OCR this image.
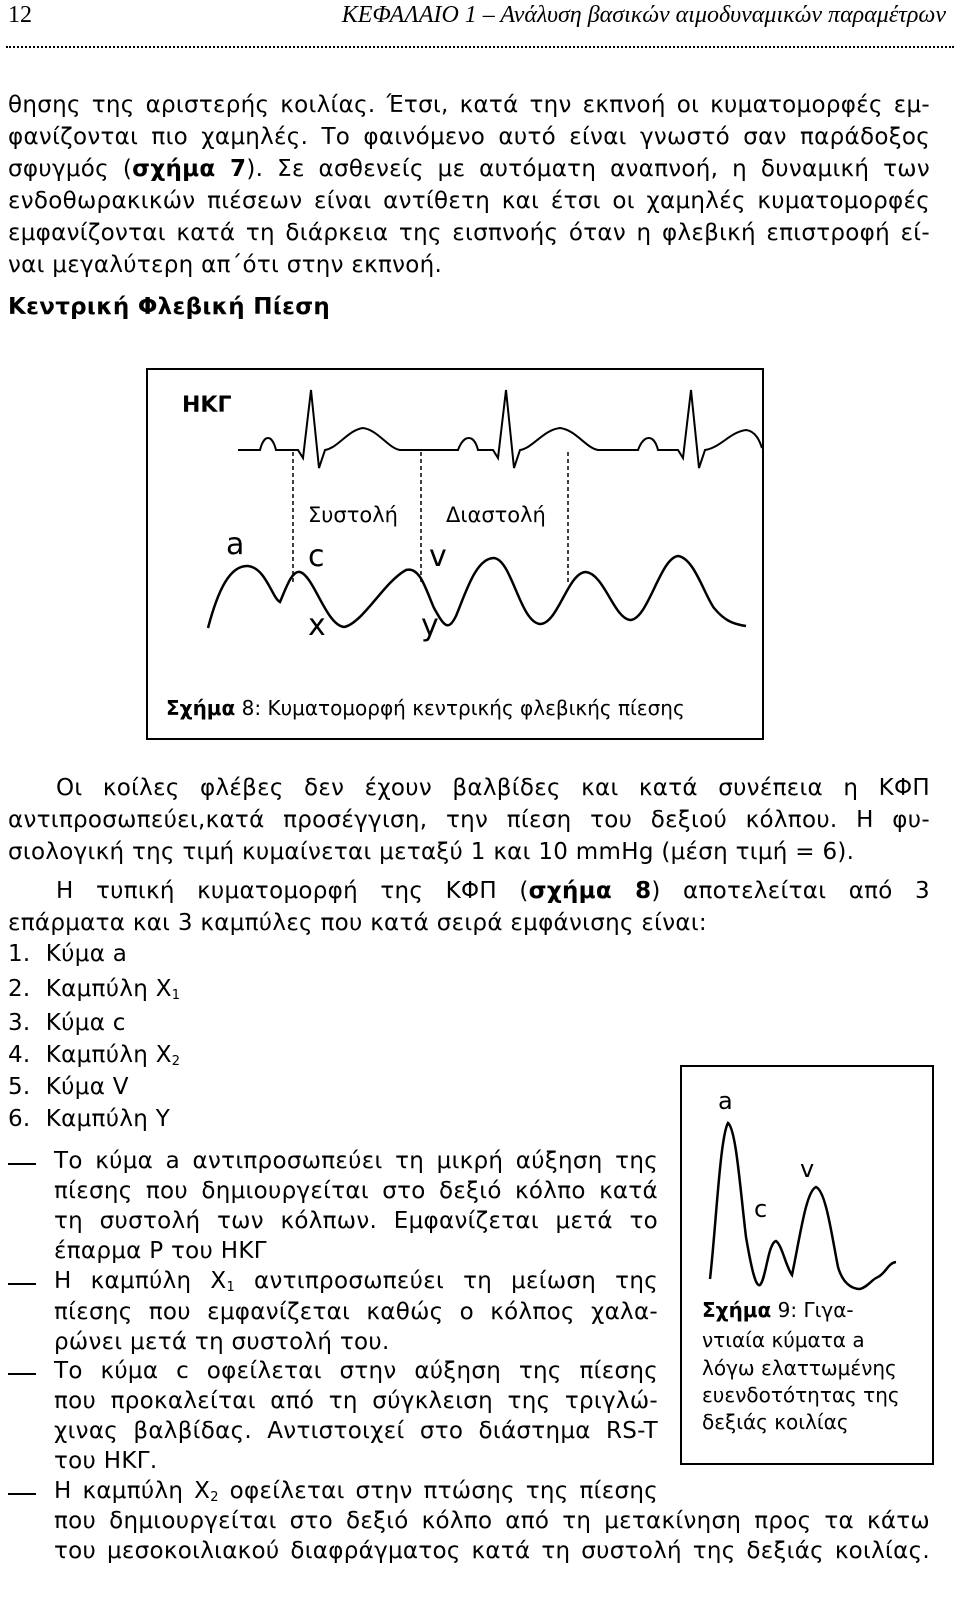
12	ΚΕΦΑΛΑΙΟ 1 – Ανάλυση βασικών αιμοδυναμικών παραμέτρων
θησης της αριστερής κοιλίας. Έτσι, κατά την εκπνοή οι κυματομορφές εμ-
φανίζονται πιο χαμηλές. Το φαινόμενο αυτό είναι γνωστό σαν παράδοξος
σφυγμός (σχήμα 7). Σε ασθενείς με αυτόματη αναπνοή, η δυναμική των
ενδοθωρακικών πιέσεων είναι αντίθετη και έτσι οι χαμηλές κυματομορφές
εμφανίζονται κατά τη διάρκεια της εισπνοής όταν η φλεβική επιστροφή εί-
ναι μεγαλύτερη απ΄ότι στην εκπνοή.
Κεντρική Φλεβική Πίεση
ΗΚΓ
Συστολή Διαστολή
a c	v
x	y
Σχήμα 8: Κυματομορφή κεντρικής φλεβικής πίεσης
Οι κοίλες φλέβες δεν έχουν βαλβίδες και κατά συνέπεια η ΚΦΠ
αντιπροσωπεύει,κατά προσέγγιση, την πίεση του δεξιού κόλπου. Η φυ-
σιολογική της τιμή κυμαίνεται μεταξύ 1 και 10 mmHg (μέση τιμή = 6).
Η τυπική κυματομορφή της ΚΦΠ (σχήμα 8) αποτελείται από 3
επάρματα και 3 καμπύλες που κατά σειρά εμφάνισης είναι:
1. Κύμα a
2. Καμπύλη $X_1$
3. Κύμα c
4. Καμπύλη $X_2$
5. Κύμα V
6. Καμπύλη Y
Το κύμα a αντιπροσωπεύει τη μικρή αύξηση της
πίεσης που δημιουργείται στο δεξιό κόλπο κατά
τη συστολή των κόλπων. Εμφανίζεται μετά το
έπαρμα P του ΗΚΓ
Η καμπύλη $X_1$ αντιπροσωπεύει τη μείωση της
πίεσης που εμφανίζεται καθώς ο κόλπος χαλα-
ρώνει μετά τη συστολή του.
Το κύμα c οφείλεται στην αύξηση της πίεσης
που προκαλείται από τη σύγκλειση της τριγλώ-
χινας βαλβίδας. Αντιστοιχεί στο διάστημα RS-T
του ΗΚΓ.
Η καμπύλη $X_2$ οφείλεται στην πτώσης της πίεσης
που δημιουργείται στο δεξιό κόλπο από τη μετακίνηση προς τα κάτω
του μεσοκοιλιακού διαφράγματος κατά τη συστολή της δεξιάς κοιλίας.
a
v
c
Σχήμα 9: Γιγα-
ντιαία κύματα a
λόγω ελαττωμένης
ευενδοτότητας της
δεξιάς κοιλίας
